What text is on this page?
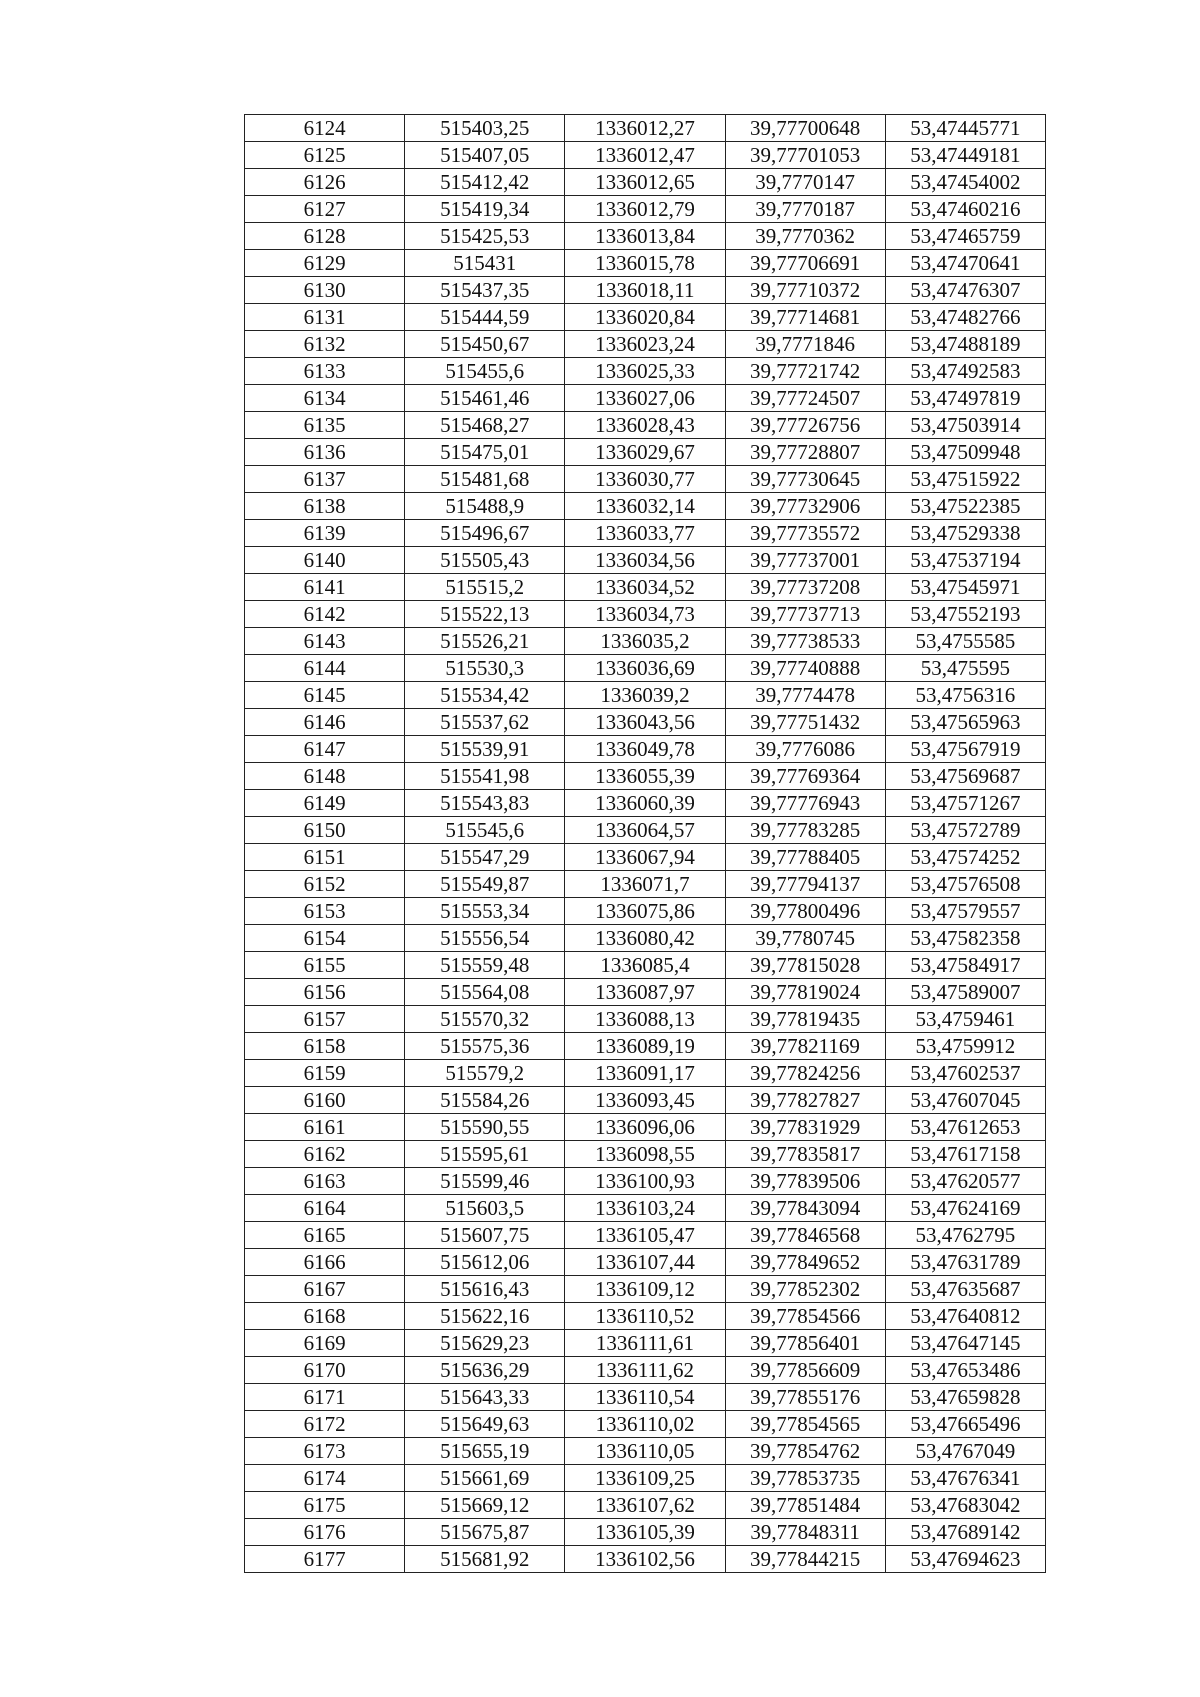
6124	515403,25	1336012,27	39,77700648	53,47445771
6125	515407,05	1336012,47	39,77701053	53,47449181
6126	515412,42	1336012,65	39,7770147	53,47454002
6127	515419,34	1336012,79	39,7770187	53,47460216
6128	515425,53	1336013,84	39,7770362	53,47465759
6129	515431	1336015,78	39,77706691	53,47470641
6130	515437,35	1336018,11	39,77710372	53,47476307
6131	515444,59	1336020,84	39,77714681	53,47482766
6132	515450,67	1336023,24	39,7771846	53,47488189
6133	515455,6	1336025,33	39,77721742	53,47492583
6134	515461,46	1336027,06	39,77724507	53,47497819
6135	515468,27	1336028,43	39,77726756	53,47503914
6136	515475,01	1336029,67	39,77728807	53,47509948
6137	515481,68	1336030,77	39,77730645	53,47515922
6138	515488,9	1336032,14	39,77732906	53,47522385
6139	515496,67	1336033,77	39,77735572	53,47529338
6140	515505,43	1336034,56	39,77737001	53,47537194
6141	515515,2	1336034,52	39,77737208	53,47545971
6142	515522,13	1336034,73	39,77737713	53,47552193
6143	515526,21	1336035,2	39,77738533	53,4755585
6144	515530,3	1336036,69	39,77740888	53,475595
6145	515534,42	1336039,2	39,7774478	53,4756316
6146	515537,62	1336043,56	39,77751432	53,47565963
6147	515539,91	1336049,78	39,7776086	53,47567919
6148	515541,98	1336055,39	39,77769364	53,47569687
6149	515543,83	1336060,39	39,77776943	53,47571267
6150	515545,6	1336064,57	39,77783285	53,47572789
6151	515547,29	1336067,94	39,77788405	53,47574252
6152	515549,87	1336071,7	39,77794137	53,47576508
6153	515553,34	1336075,86	39,77800496	53,47579557
6154	515556,54	1336080,42	39,7780745	53,47582358
6155	515559,48	1336085,4	39,77815028	53,47584917
6156	515564,08	1336087,97	39,77819024	53,47589007
6157	515570,32	1336088,13	39,77819435	53,4759461
6158	515575,36	1336089,19	39,77821169	53,4759912
6159	515579,2	1336091,17	39,77824256	53,47602537
6160	515584,26	1336093,45	39,77827827	53,47607045
6161	515590,55	1336096,06	39,77831929	53,47612653
6162	515595,61	1336098,55	39,77835817	53,47617158
6163	515599,46	1336100,93	39,77839506	53,47620577
6164	515603,5	1336103,24	39,77843094	53,47624169
6165	515607,75	1336105,47	39,77846568	53,4762795
6166	515612,06	1336107,44	39,77849652	53,47631789
6167	515616,43	1336109,12	39,77852302	53,47635687
6168	515622,16	1336110,52	39,77854566	53,47640812
6169	515629,23	1336111,61	39,77856401	53,47647145
6170	515636,29	1336111,62	39,77856609	53,47653486
6171	515643,33	1336110,54	39,77855176	53,47659828
6172	515649,63	1336110,02	39,77854565	53,47665496
6173	515655,19	1336110,05	39,77854762	53,4767049
6174	515661,69	1336109,25	39,77853735	53,47676341
6175	515669,12	1336107,62	39,77851484	53,47683042
6176	515675,87	1336105,39	39,77848311	53,47689142
6177	515681,92	1336102,56	39,77844215	53,47694623
